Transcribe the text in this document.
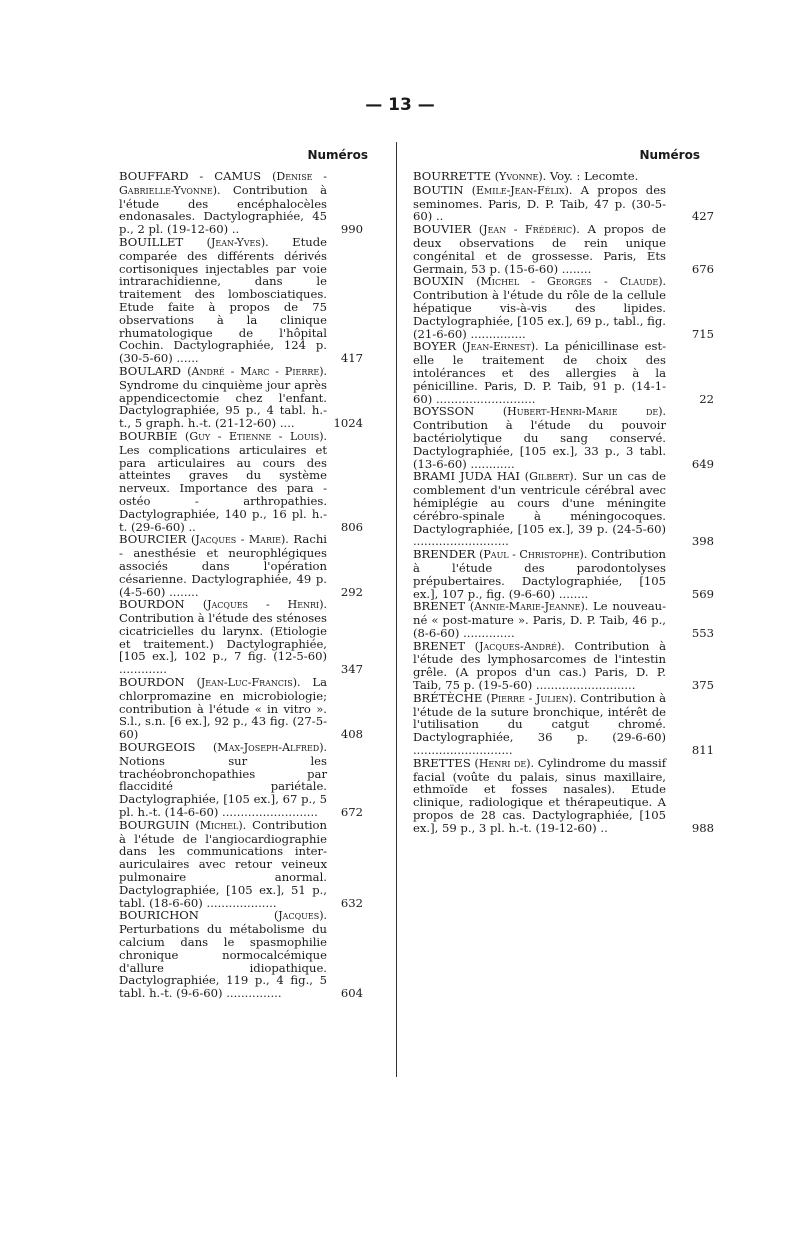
— 13 —
Numéros
BOUFFARD - CAMUS (Denise - Gabrielle-Yvonne). Contribution à l'étude des encéphalocèles endonasales. Dactylographiée, 45 p., 2 pl. (19-12-60) ..	990
BOUILLET (Jean-Yves). Etude comparée des différents dérivés cortisoniques injectables par voie intrarachidienne, dans le traitement des lombosciatiques. Etude faite à propos de 75 observations à la clinique rhumatologique de l'hôpital Cochin. Dactylographiée, 124 p. (30-5-60) ......	417
BOULARD (André - Marc - Pierre). Syndrome du cinquième jour après appendicectomie chez l'enfant. Dactylographiée, 95 p., 4 tabl. h.-t., 5 graph. h.-t. (21-12-60) ....	1024
BOURBIE (Guy - Etienne - Louis). Les complications articulaires et para articulaires au cours des atteintes graves du système nerveux. Importance des para - ostéo - arthropathies. Dactylographiée, 140 p., 16 pl. h.-t. (29-6-60) ..	806
BOURCIER (Jacques - Marie). Rachi - anesthésie et neurophlégiques associés dans l'opération césarienne. Dactylographiée, 49 p. (4-5-60) ........	292
BOURDON (Jacques - Henri). Contribution à l'étude des sténoses cicatricielles du larynx. (Etiologie et traitement.) Dactylographiée, [105 ex.], 102 p., 7 fig. (12-5-60) .............	347
BOURDON (Jean-Luc-Francis). La chlorpromazine en microbiologie; contribution à l'étude « in vitro ». S.l., s.n. [6 ex.], 92 p., 43 fig. (27-5-60)	408
BOURGEOIS (Max-Joseph-Alfred). Notions sur les trachéobronchopathies par flaccidité pariétale. Dactylographiée, [105 ex.], 67 p., 5 pl. h.-t. (14-6-60) .......................... 672
BOURGUIN (Michel). Contribution à l'étude de l'angiocardiographie dans les communications inter-auriculaires avec retour veineux pulmonaire anormal. Dactylographiée, [105 ex.], 51 p., tabl. (18-6-60) ...................	632
BOURICHON	(Jacques). Perturbations du métabolisme du calcium dans le spasmophilie chronique normocalcémique d'allure idiopathique. Dactylographiée, 119 p., 4 fig., 5 tabl. h.-t. (9-6-60) ...............	604
Numéros
BOURRETTE (Yvonne). Voy. : Lecomte.
BOUTIN (Emile-Jean-Félix). A propos des seminomes. Paris, D. P. Taib, 47 p. (30-5-60) ..	427
BOUVIER (Jean - Frédéric). A propos de deux observations de rein unique congénital et de grossesse. Paris, Ets Germain, 53 p. (15-6-60) ........	676
BOUXIN (Michel - Georges - Claude). Contribution à l'étude du rôle de la cellule hépatique vis-à-vis des lipides. Dactylographiée, [105 ex.], 69 p., tabl., fig. (21-6-60) ...............	715
BOYER (Jean-Ernest). La pénicillinase est-elle le traitement de choix des intolérances et des allergies à la pénicilline. Paris, D. P. Taib, 91 p. (14-1-60) ...........................	22
BOYSSON	(Hubert-Henri-Marie de). Contribution à l'étude du pouvoir bactériolytique du sang conservé. Dactylographiée, [105 ex.], 33 p., 3 tabl. (13-6-60) ............	649
BRAMI JUDA HAI (Gilbert). Sur un cas de comblement d'un ventricule cérébral avec hémiplégie au cours d'une méningite cérébro-spinale à méningocoques. Dactylographiée, [105 ex.], 39 p. (24-5-60) ..........................	398
BRENDER (Paul - Christophe). Contribution à l'étude des parodontolyses prépubertaires. Dactylographiée, [105 ex.], 107 p., fig. (9-6-60) ........	569
BRENET (Annie-Marie-Jeanne). Le nouveau-né « post-mature ». Paris, D. P. Taib, 46 p., (8-6-60) ..............	553
BRENET (Jacques-André). Contribution à l'étude des lymphosarcomes de l'intestin grêle. (A propos d'un cas.) Paris, D. P. Taib, 75 p. (19-5-60) ...........................	375
BRÉTÈCHE (Pierre - Julien). Contribution à l'étude de la suture bronchique, intérêt de l'utilisation du catgut chromé. Dactylographiée, 36 p. (29-6-60) ...........................	811
BRETTES (Henri de). Cylindrome du massif facial (voûte du palais, sinus maxillaire, ethmoïde et fosses nasales). Etude clinique, radiologique et thérapeutique. A propos de 28 cas. Dactylographiée, [105 ex.], 59 p., 3 pl. h.-t. (19-12-60) ..	988
